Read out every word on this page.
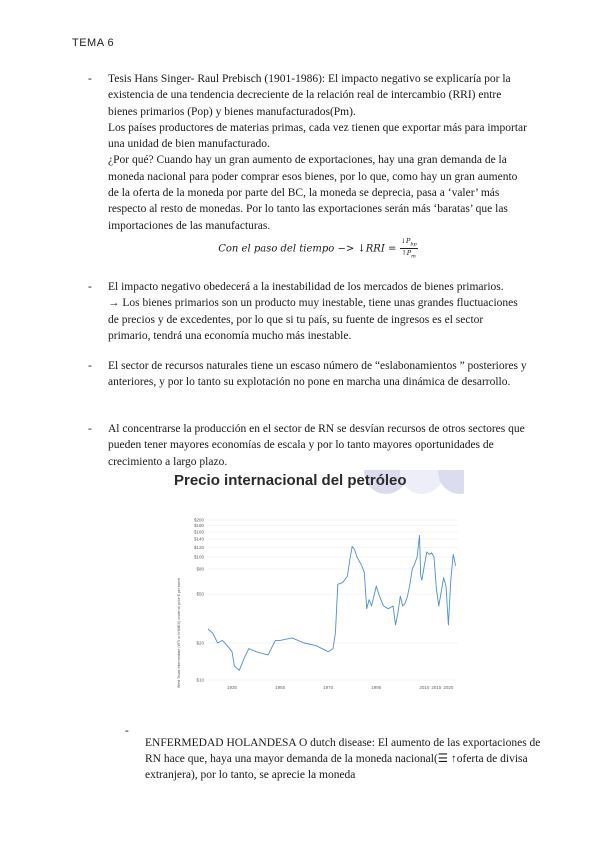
TEMA 6
- Tesis Hans Singer- Raul Prebisch (1901-1986): El impacto negativo se explicaría por la existencia de una tendencia decreciente de la relación real de intercambio (RRI) entre bienes primarios (Pop) y bienes manufacturados(Pm).

Los países productores de materias primas, cada vez tienen que exportar más para importar una unidad de bien manufacturado.

¿Por qué? Cuando hay un gran aumento de exportaciones, hay una gran demanda de la moneda nacional para poder comprar esos bienes, por lo que, como hay un gran aumento de la oferta de la moneda por parte del BC, la moneda se deprecia, pasa a ‘valer’ más respecto al resto de monedas. Por lo tanto las exportaciones serán más ‘baratas’ que las importaciones de las manufacturas.

Con el paso del tiempo −> ↓RRI = $\frac{↓P_{bp}}{↑P_m}$
- El impacto negativo obedecerá a la inestabilidad de los mercados de bienes primarios.

→ Los bienes primarios son un producto muy inestable, tiene unas grandes fluctuaciones de precios y de excedentes, por lo que si tu país, su fuente de ingresos es el sector primario, tendrá una economía mucho más inestable.

- El sector de recursos naturales tiene un escaso número de “eslabonamientos ” posteriores y anteriores, y por lo tanto su explotación no pone en marcha una dinámica de desarrollo.

- Al concentrarse la producción en el sector de RN se desvían recursos de otros sectores que pueden tener mayores economías de escala y por lo tanto mayores oportunidades de crecimiento a largo plazo.

Precio internacional del petróleo
West Texas Intermediate (WTI or NYMEX) crude oil price $ per barrel	$10
$20
$50
$80
$100
$120
$140
$160
$180
$200
1930	1950	1970	1990	2010 2015 2020
-

ENFERMEDAD HOLANDESA O dutch disease: El aumento de las exportaciones de RN hace que, haya una mayor demanda de la moneda nacional(☰ ↑oferta de divisa extranjera), por lo tanto, se aprecie la moneda
